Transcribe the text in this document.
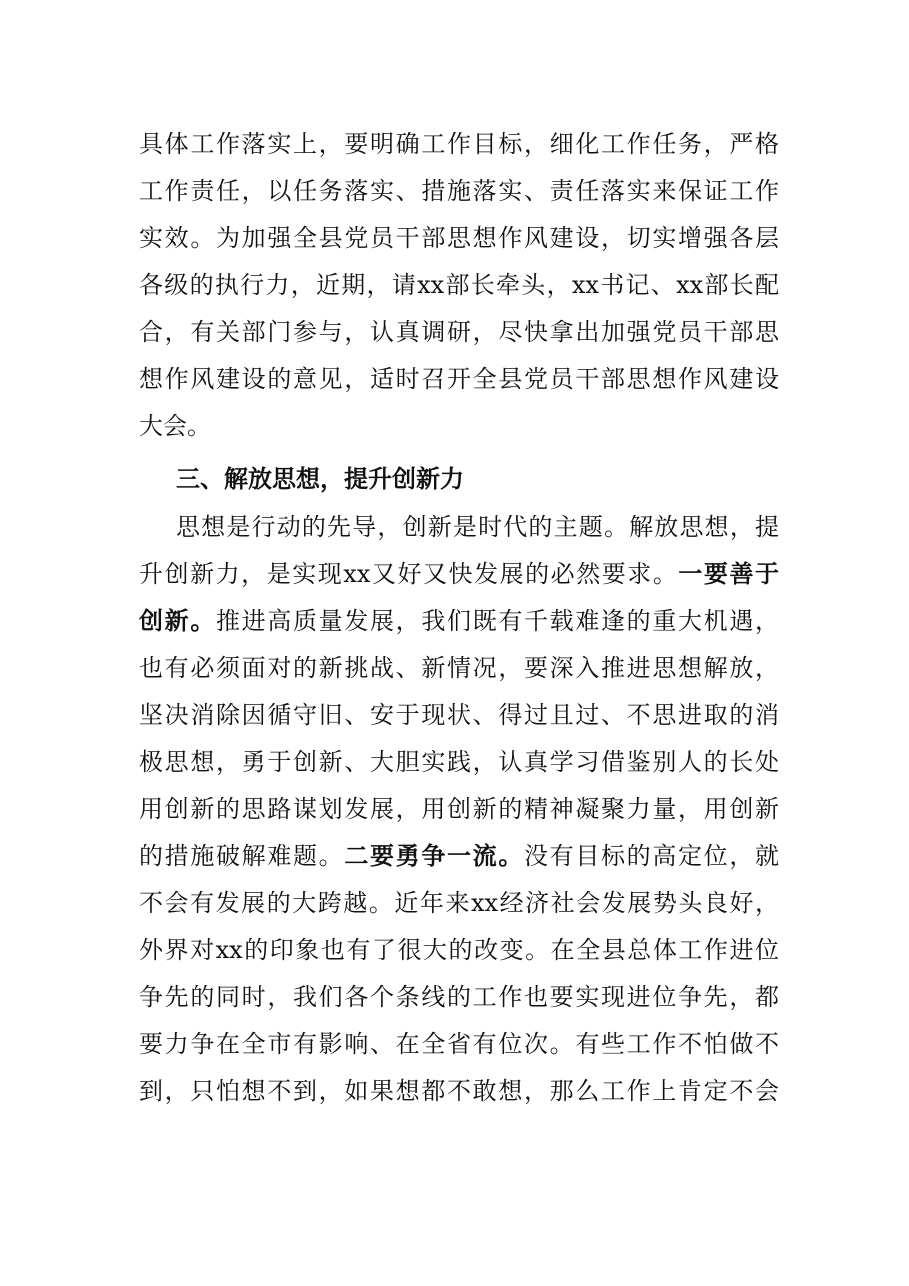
具体工作落实上，要明确工作目标，细化工作任务，严格
工作责任，以任务落实、措施落实、责任落实来保证工作
实效。为加强全县党员干部思想作风建设，切实增强各层
各级的执行力，近期，请xx部长牵头，xx书记、xx部长配
合，有关部门参与，认真调研，尽快拿出加强党员干部思
想作风建设的意见，适时召开全县党员干部思想作风建设
大会。
三、解放思想，提升创新力
思想是行动的先导，创新是时代的主题。解放思想，提
升创新力，是实现xx又好又快发展的必然要求。一要善于
创新。推进高质量发展，我们既有千载难逢的重大机遇，
也有必须面对的新挑战、新情况，要深入推进思想解放，
坚决消除因循守旧、安于现状、得过且过、不思进取的消
极思想，勇于创新、大胆实践，认真学习借鉴别人的长处
用创新的思路谋划发展，用创新的精神凝聚力量，用创新
的措施破解难题。二要勇争一流。没有目标的高定位，就
不会有发展的大跨越。近年来xx经济社会发展势头良好，
外界对xx的印象也有了很大的改变。在全县总体工作进位
争先的同时，我们各个条线的工作也要实现进位争先，都
要力争在全市有影响、在全省有位次。有些工作不怕做不
到，只怕想不到，如果想都不敢想，那么工作上肯定不会
